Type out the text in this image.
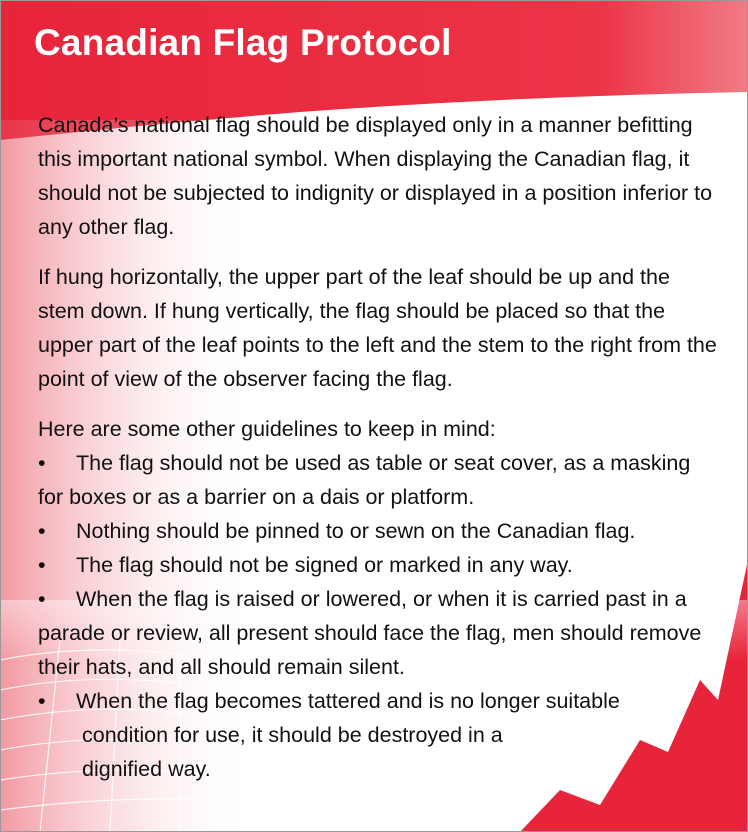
Canadian Flag Protocol

Canada’s national flag should be displayed only in a manner befitting this important national symbol. When displaying the Canadian flag, it should not be subjected to indignity or displayed in a position inferior to any other flag.

If hung horizontally, the upper part of the leaf should be up and the stem down. If hung vertically, the flag should be placed so that the upper part of the leaf points to the left and the stem to the right from the point of view of the observer facing the flag.

Here are some other guidelines to keep in mind:
• The flag should not be used as table or seat cover, as a masking for boxes or as a barrier on a dais or platform.
• Nothing should be pinned to or sewn on the Canadian flag.
• The flag should not be signed or marked in any way.
• When the flag is raised or lowered, or when it is carried past in a parade or review, all present should face the flag, men should remove their hats, and all should remain silent.
• When the flag becomes tattered and is no longer suitable
condition for use, it should be destroyed in a
dignified way.
